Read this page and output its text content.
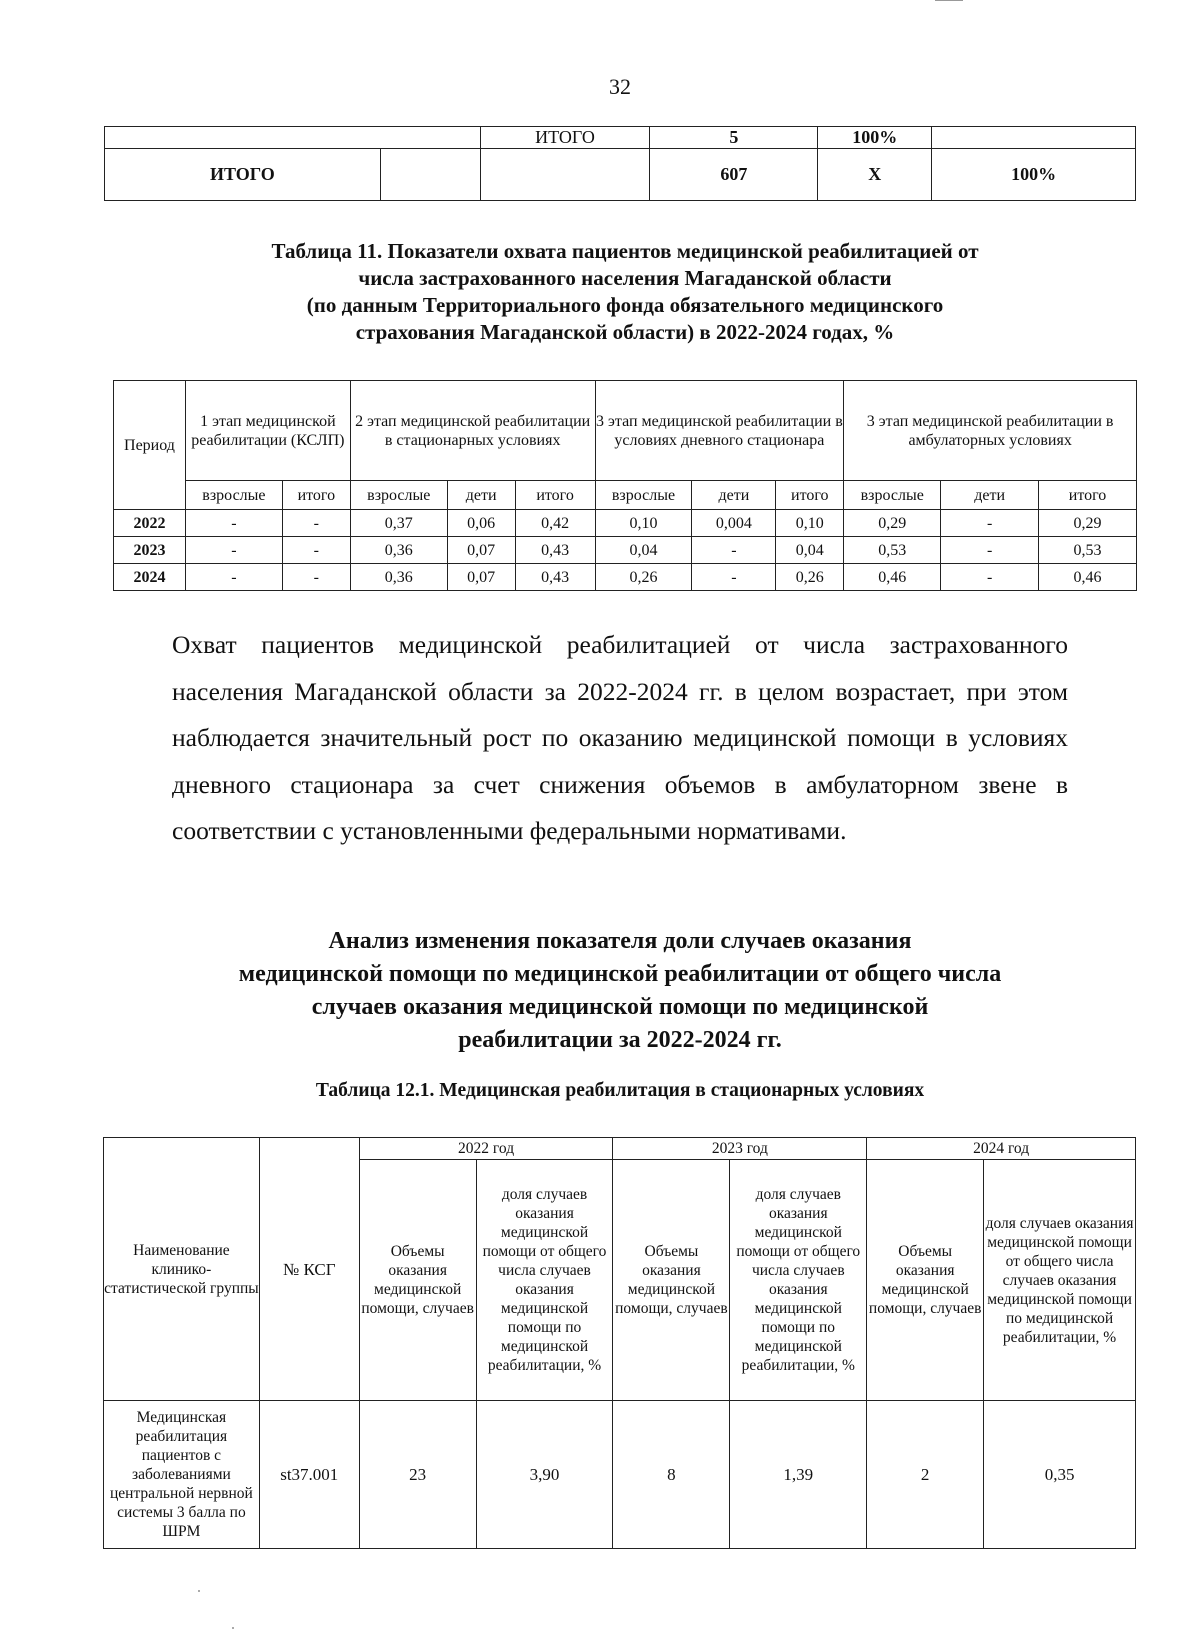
32
		ИТОГО	5	100%	
ИТОГО			607	Х	100%
Таблица 11. Показатели охвата пациентов медицинской реабилитацией от
числа застрахованного населения Магаданской области
(по данным Территориального фонда обязательного медицинского
страхования Магаданской области) в 2022-2024 годах, %
Период	1 этап медицинской реабилитации (КСЛП)		2 этап медицинской реабилитации в стационарных условиях			3 этап медицинской реабилитации в условиях дневного стационара			3 этап медицинской реабилитации в амбулаторных условиях		
	взрослые	итого	взрослые	дети	итого	взрослые	дети	итого	взрослые	дети	итого
2022	-	-	0,37	0,06	0,42	0,10	0,004	0,10	0,29	-	0,29
2023	-	-	0,36	0,07	0,43	0,04	-	0,04	0,53	-	0,53
2024	-	-	0,36	0,07	0,43	0,26	-	0,26	0,46	-	0,46
Охват пациентов медицинской реабилитацией от числа застрахованного населения Магаданской области за 2022-2024 гг. в целом возрастает, при этом наблюдается значительный рост по оказанию медицинской помощи в условиях дневного стационара за счет снижения объемов в амбулаторном звене в соответствии с установленными федеральными нормативами.
Анализ изменения показателя доли случаев оказания
медицинской помощи по медицинской реабилитации от общего числа
случаев оказания медицинской помощи по медицинской
реабилитации за 2022-2024 гг.
Таблица 12.1. Медицинская реабилитация в стационарных условиях
Наименование клинико-статистической группы	№ КСГ	2022 год		2023 год		2024 год	
		Объемы оказания медицинской помощи, случаев	доля случаев оказания медицинской помощи от общего числа случаев оказания медицинской помощи по медицинской реабилитации, %	Объемы оказания медицинской помощи, случаев	доля случаев оказания медицинской помощи от общего числа случаев оказания медицинской помощи по медицинской реабилитации, %	Объемы оказания медицинской помощи, случаев	доля случаев оказания медицинской помощи от общего числа случаев оказания медицинской помощи по медицинской реабилитации, %
Медицинская реабилитация пациентов с заболеваниями центральной нервной системы 3 балла по ШРМ	st37.001	23	3,90	8	1,39	2	0,35
